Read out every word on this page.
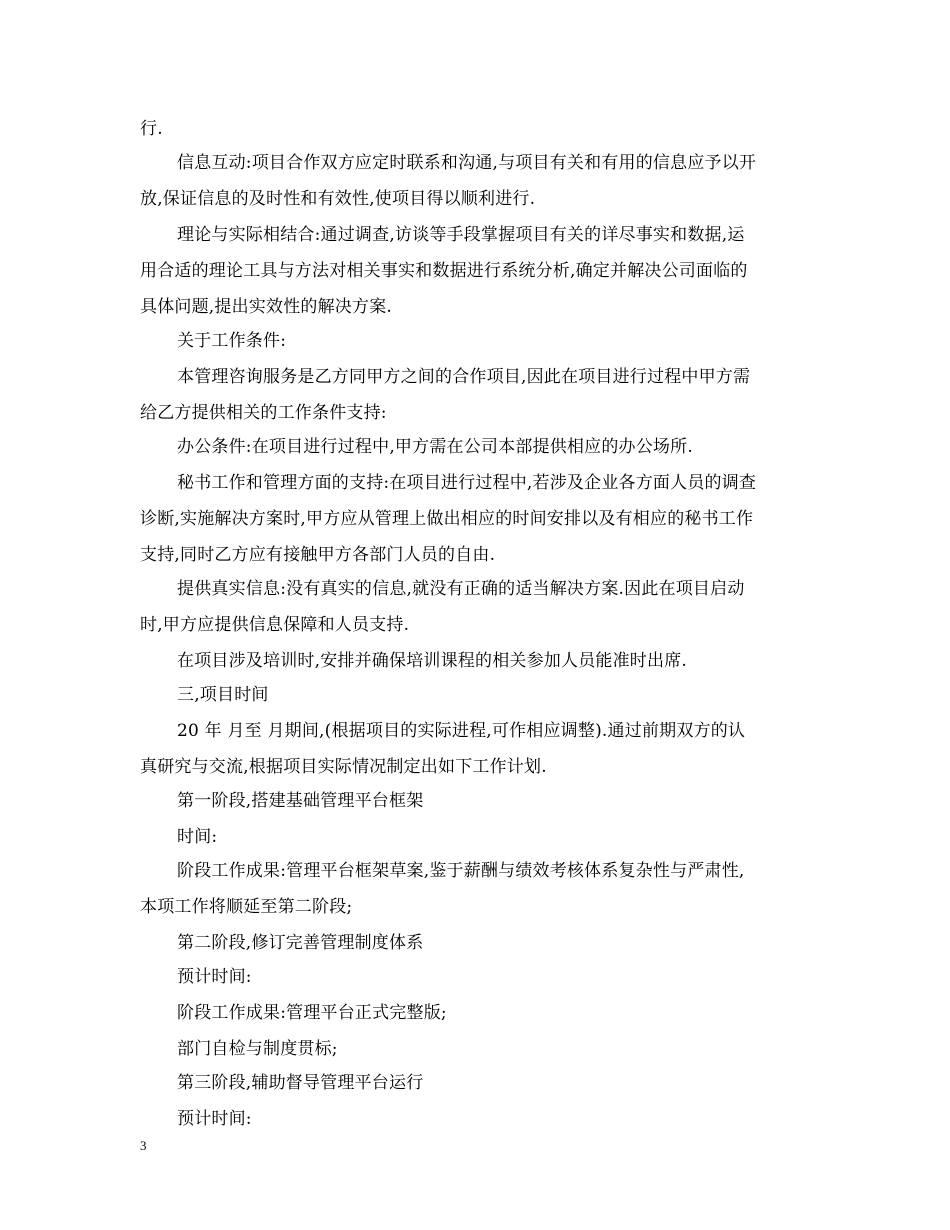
行.
信息互动:项目合作双方应定时联系和沟通,与项目有关和有用的信息应予以开
放,保证信息的及时性和有效性,使项目得以顺利进行.
理论与实际相结合:通过调查,访谈等手段掌握项目有关的详尽事实和数据,运
用合适的理论工具与方法对相关事实和数据进行系统分析,确定并解决公司面临的
具体问题,提出实效性的解决方案.
关于工作条件:
本管理咨询服务是乙方同甲方之间的合作项目,因此在项目进行过程中甲方需
给乙方提供相关的工作条件支持:
办公条件:在项目进行过程中,甲方需在公司本部提供相应的办公场所.
秘书工作和管理方面的支持:在项目进行过程中,若涉及企业各方面人员的调查
诊断,实施解决方案时,甲方应从管理上做出相应的时间安排以及有相应的秘书工作
支持,同时乙方应有接触甲方各部门人员的自由.
提供真实信息:没有真实的信息,就没有正确的适当解决方案.因此在项目启动
时,甲方应提供信息保障和人员支持.
在项目涉及培训时,安排并确保培训课程的相关参加人员能准时出席.
三,项目时间
20 年 月至 月期间,(根据项目的实际进程,可作相应调整).通过前期双方的认
真研究与交流,根据项目实际情况制定出如下工作计划.
第一阶段,搭建基础管理平台框架
时间:
阶段工作成果:管理平台框架草案,鉴于薪酬与绩效考核体系复杂性与严肃性,
本项工作将顺延至第二阶段;
第二阶段,修订完善管理制度体系
预计时间:
阶段工作成果:管理平台正式完整版;
部门自检与制度贯标;
第三阶段,辅助督导管理平台运行
预计时间:
3
